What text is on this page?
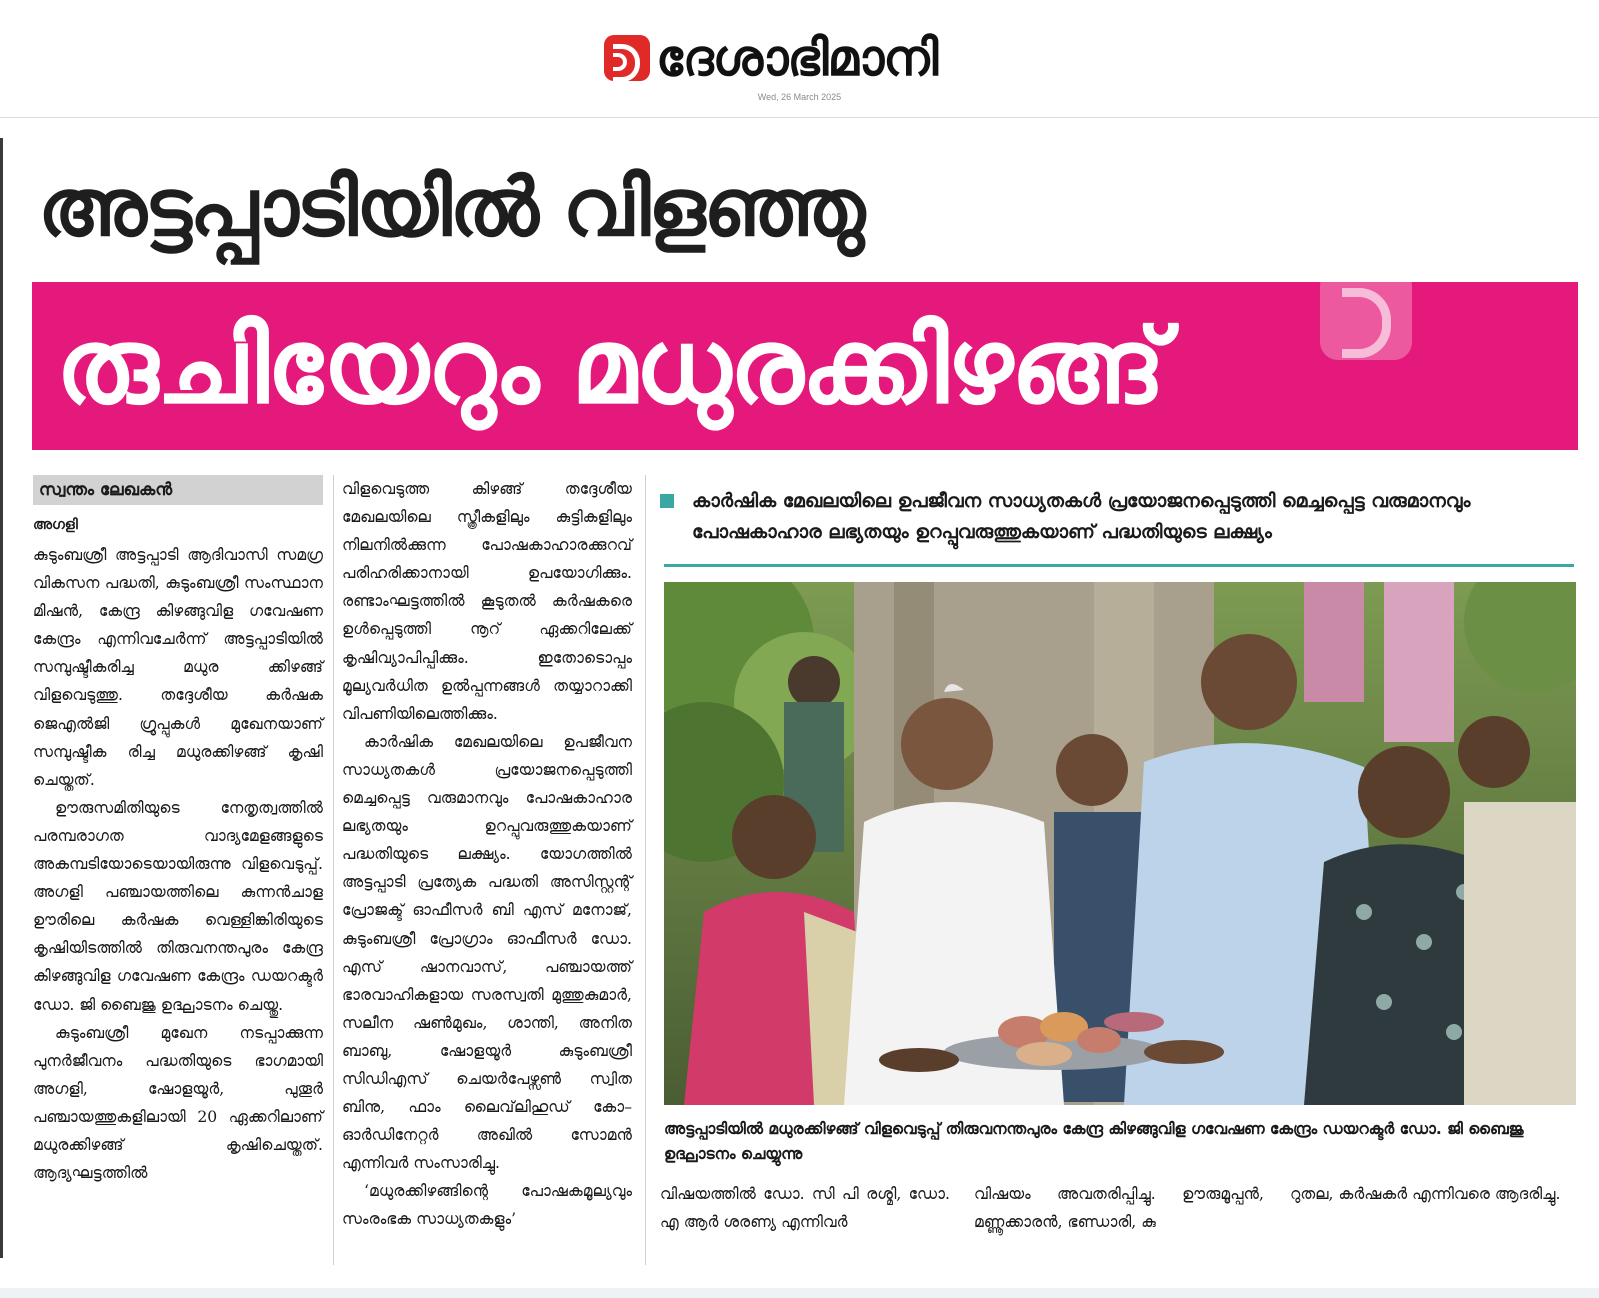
ദേശാഭിമാനി
Wed, 26 March 2025
അട്ടപ്പാടിയിൽ വിളഞ്ഞു
രുചിയേറും മധുരക്കിഴങ്ങ്
സ്വന്തം ലേഖകൻ
അഗളി

കുടുംബശ്രീ അട്ടപ്പാടി ആദിവാസി സമഗ്ര വികസന പദ്ധതി, കുടുംബശ്രീ സംസ്ഥാന മിഷൻ, കേന്ദ്ര കിഴങ്ങുവിള ഗവേഷണ കേന്ദ്രം എന്നിവചേർന്ന് അട്ടപ്പാടിയിൽ സമ്പുഷ്ടീകരിച്ച മധുര ക്കിഴങ്ങ് വിളവെടുത്തു. തദ്ദേശീയ കർഷക ജെഎൽജി ഗ്രൂപ്പുകൾ മുഖേനയാണ് സമ്പുഷ്ടീക രിച്ച മധുരക്കിഴങ്ങ് കൃഷി ചെയ്തത്.

ഊരുസമിതിയുടെ നേതൃത്വത്തിൽ പരമ്പരാഗത വാദ്യമേളങ്ങളുടെ അകമ്പടിയോടെയായിരുന്നു വിളവെടുപ്പ്. അഗളി പഞ്ചായത്തിലെ കുന്നൻചാള ഊരിലെ കർഷക വെള്ളിങ്കിരിയുടെ കൃഷിയിടത്തിൽ തിരുവനന്തപുരം കേന്ദ്ര കിഴങ്ങുവിള ഗവേഷണ കേന്ദ്രം ഡയറക്ടർ ഡോ. ജി ബൈജു ഉദ്ഘാടനം ചെയ്തു.

കുടുംബശ്രീ മുഖേന നടപ്പാക്കുന്ന പുനർജീവനം പദ്ധതിയുടെ ഭാഗമായി അഗളി, ഷോളയൂർ, പുതൂർ പഞ്ചായത്തുകളിലായി 20 ഏക്കറിലാണ് മധുരക്കിഴങ്ങ് കൃഷിചെയ്തത്. ആദ്യഘട്ടത്തിൽ

വിളവെടുത്ത കിഴങ്ങ് തദ്ദേശീയ മേഖലയിലെ സ്ത്രീകളിലും കുട്ടികളിലും നിലനിൽക്കുന്ന പോഷകാഹാരക്കുറവ് പരിഹരിക്കാനായി ഉപയോഗിക്കും. രണ്ടാംഘട്ടത്തിൽ കൂടുതൽ കർഷകരെ ഉൾപ്പെടുത്തി നൂറ് ഏക്കറിലേക്ക് കൃഷിവ്യാപിപ്പിക്കും. ഇതോടൊപ്പം മൂല്യവർധിത ഉൽപ്പന്നങ്ങൾ തയ്യാറാക്കി വിപണിയിലെത്തിക്കും.

കാർഷിക മേഖലയിലെ ഉപജീവന സാധ്യതകൾ പ്രയോജനപ്പെടുത്തി മെച്ചപ്പെട്ട വരുമാനവും പോഷകാഹാര ലഭ്യതയും ഉറപ്പുവരുത്തുകയാണ് പദ്ധതിയുടെ ലക്ഷ്യം. യോഗത്തിൽ അട്ടപ്പാടി പ്രത്യേക പദ്ധതി അസിസ്റ്റന്റ് പ്രോജക്ട് ഓഫീസർ ബി എസ് മനോജ്, കുടുംബശ്രീ പ്രോഗ്രാം ഓഫീസർ ഡോ. എസ് ഷാനവാസ്, പഞ്ചായത്ത് ഭാരവാഹികളായ സരസ്വതി മുത്തുകുമാർ, സലീന ഷൺമുഖം, ശാന്തി, അനിത ബാബു, ഷോളയൂർ കുടുംബശ്രീ സിഡിഎസ് ചെയർപേഴ്സൺ സ്വിത ബിനു, ഫാം ലൈവ്‌ലിഹുഡ് കോ–ഓർഡിനേറ്റർ അഖിൽ സോമൻ എന്നിവർ സംസാരിച്ചു.

‘മധുരക്കിഴങ്ങിന്റെ പോഷകമൂല്യവും സംരംഭക സാധ്യതകളും’

കാർഷിക മേഖലയിലെ ഉപജീവന സാധ്യതകൾ പ്രയോജനപ്പെടുത്തി മെച്ചപ്പെട്ട വരുമാനവും പോഷകാഹാര ലഭ്യതയും ഉറപ്പുവരുത്തുകയാണ് പദ്ധതിയുടെ ലക്ഷ്യം
അട്ടപ്പാടിയിൽ മധുരക്കിഴങ്ങ് വിളവെടുപ്പ് തിരുവനന്തപുരം കേന്ദ്ര കിഴങ്ങുവിള ഗവേഷണ കേന്ദ്രം ഡയറക്ടർ ഡോ. ജി ബൈജു ഉദ്ഘാടനം ചെയ്യുന്നു
വിഷയത്തിൽ ഡോ. സി പി രശ്മി, ഡോ. എ ആർ ശരണ്യ എന്നിവർ
വിഷയം അവതരിപ്പിച്ചു. ഊരുമൂപ്പൻ, മണ്ണൂക്കാരൻ, ഭണ്ഡാരി, കു
റുതല, കർഷകർ എന്നിവരെ ആദരിച്ചു.
